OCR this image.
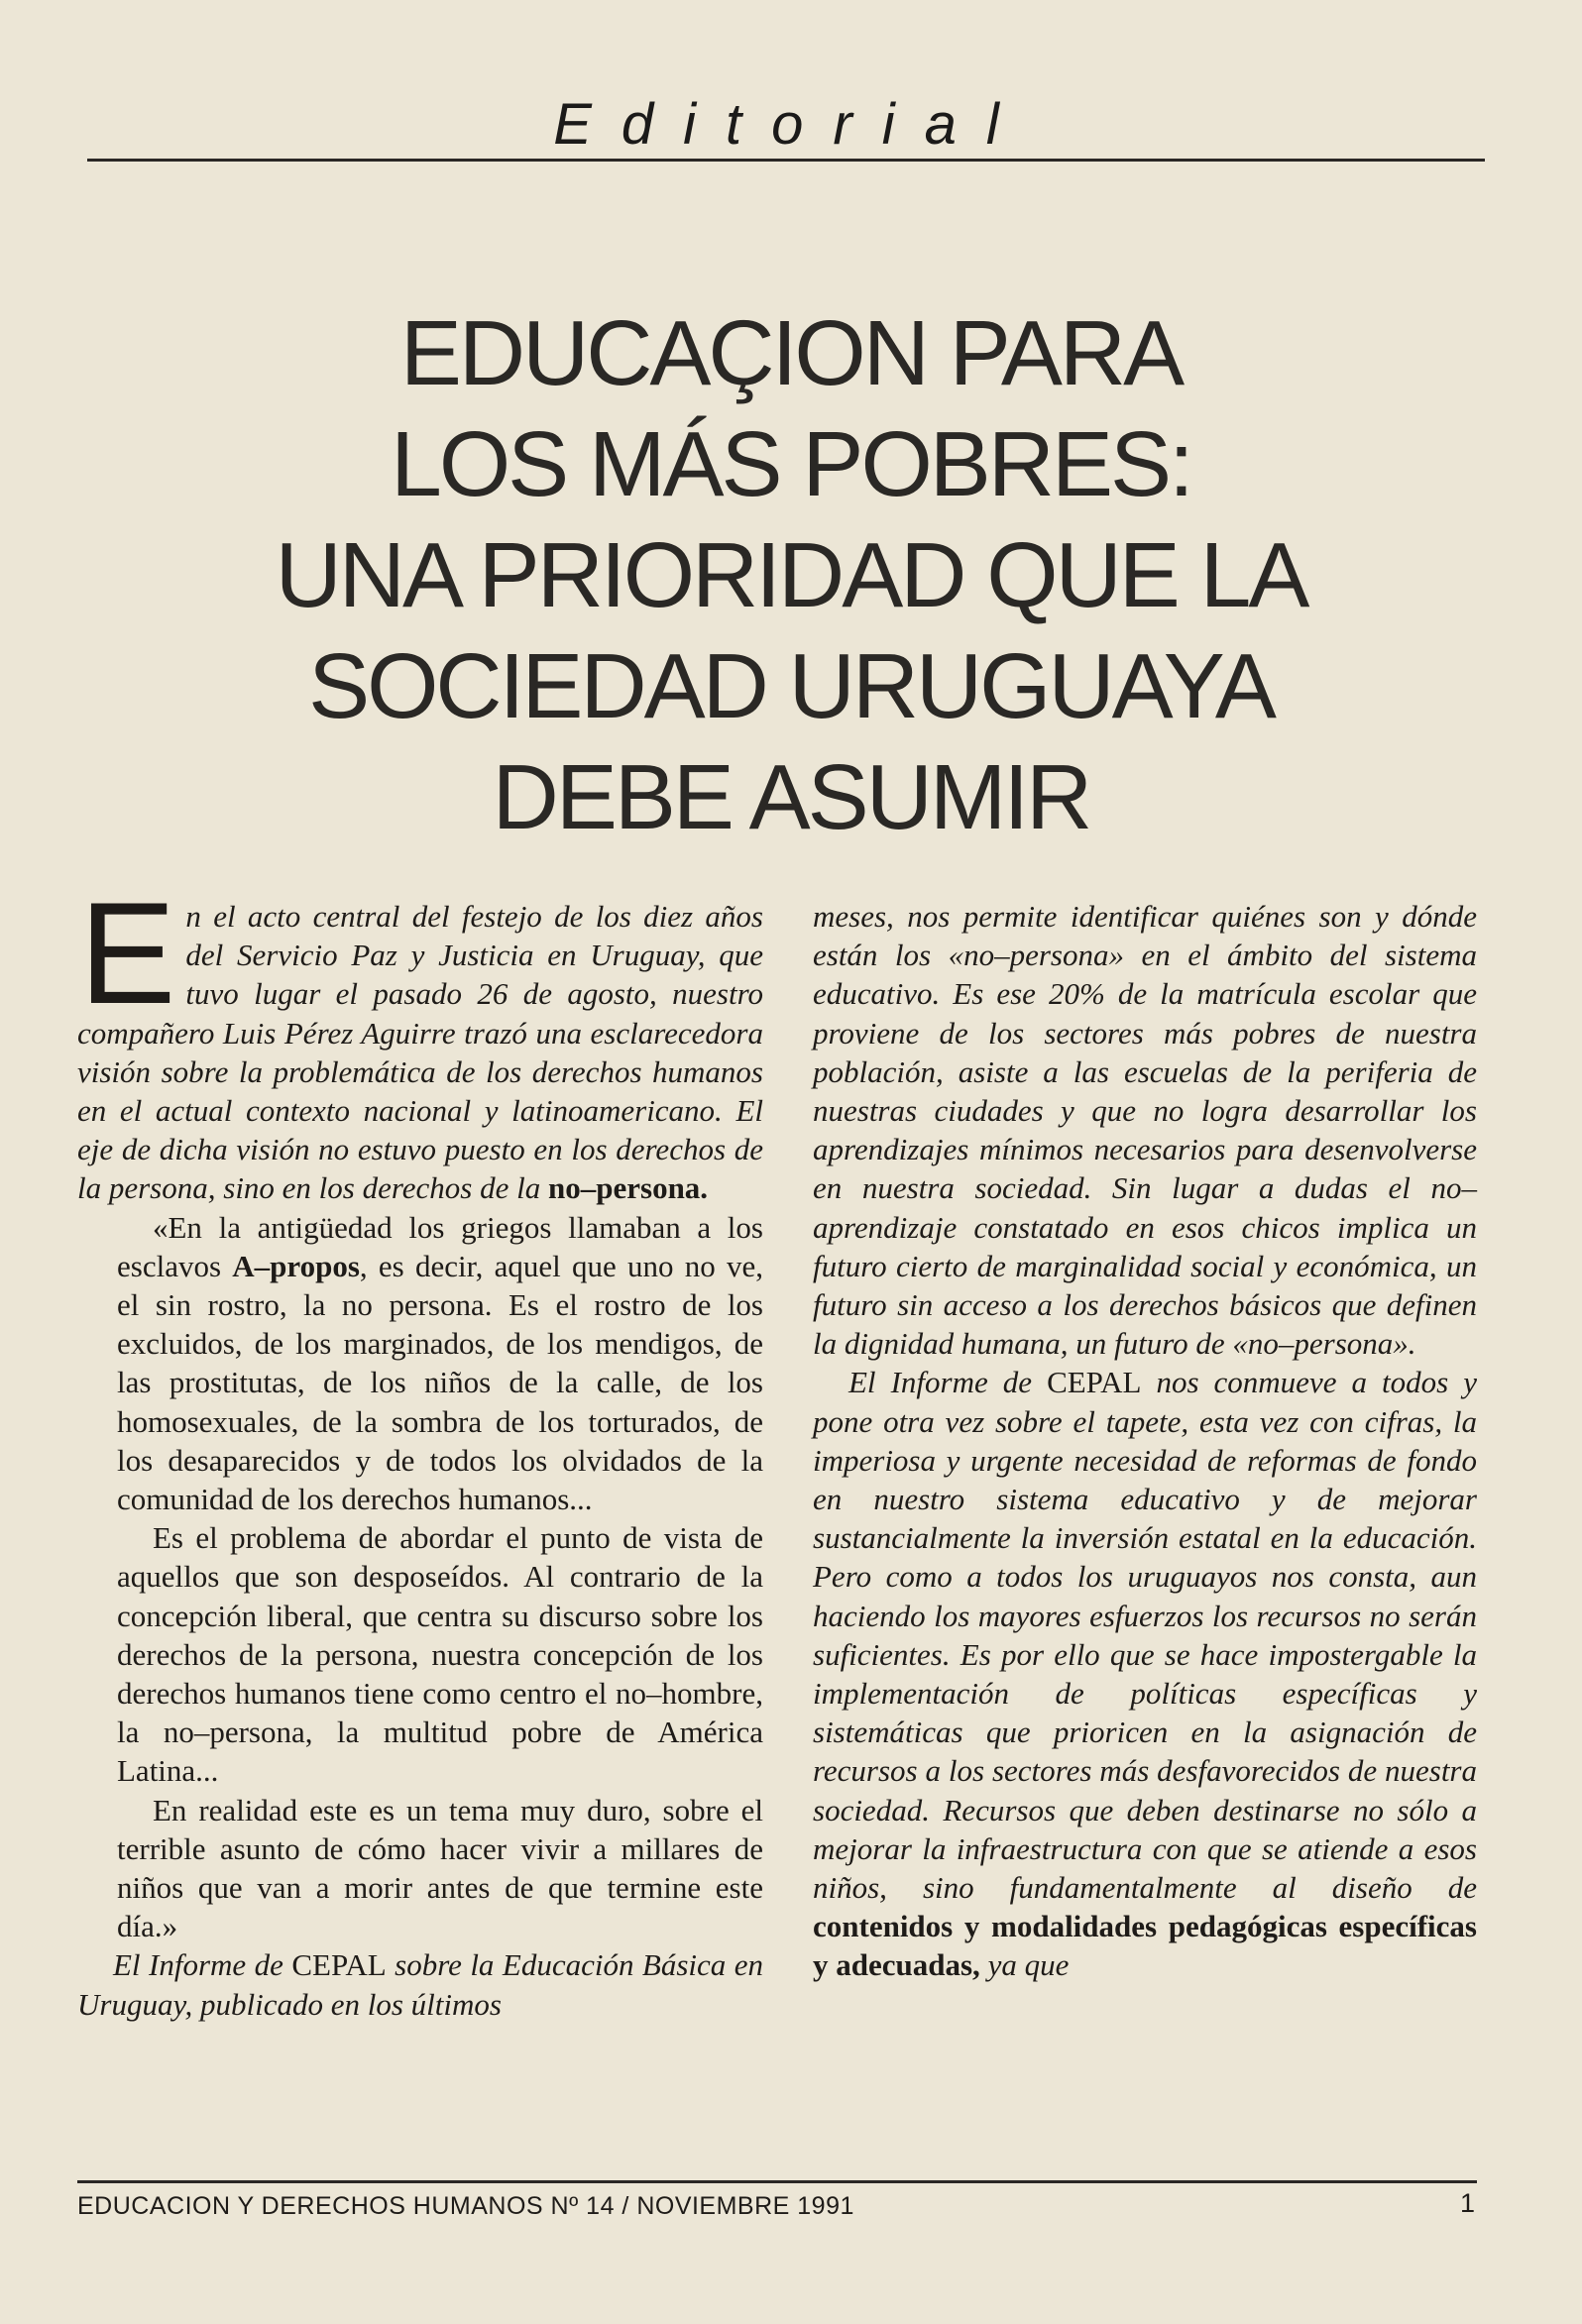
Editorial
EDUCAÇION PARA
LOS MÁS POBRES:
UNA PRIORIDAD QUE LA
SOCIEDAD URUGUAYA
DEBE ASUMIR

En el acto central del festejo de los diez años del Servicio Paz y Justicia en Uruguay, que tuvo lugar el pasado 26 de agosto, nuestro compañero Luis Pérez Aguirre trazó una esclarecedora visión sobre la problemática de los derechos humanos en el actual contexto nacional y latinoamericano. El eje de dicha visión no estuvo puesto en los derechos de la persona, sino en los derechos de la no–persona.

«En la antigüedad los griegos llamaban a los esclavos A–propos, es decir, aquel que uno no ve, el sin rostro, la no persona. Es el rostro de los excluidos, de los marginados, de los mendigos, de las prostitutas, de los niños de la calle, de los homosexuales, de la sombra de los torturados, de los desaparecidos y de todos los olvidados de la comunidad de los derechos humanos...

Es el problema de abordar el punto de vista de aquellos que son desposeídos. Al contrario de la concepción liberal, que centra su discurso sobre los derechos de la persona, nuestra concepción de los derechos humanos tiene como centro el no–hombre, la no–persona, la multitud pobre de América Latina...

En realidad este es un tema muy duro, sobre el terrible asunto de cómo hacer vivir a millares de niños que van a morir antes de que termine este día.»

El Informe de CEPAL sobre la Educación Básica en Uruguay, publicado en los últimos

meses, nos permite identificar quiénes son y dónde están los «no–persona» en el ámbito del sistema educativo. Es ese 20% de la matrícula escolar que proviene de los sectores más pobres de nuestra población, asiste a las escuelas de la periferia de nuestras ciudades y que no logra desarrollar los aprendizajes mínimos necesarios para desenvolverse en nuestra sociedad. Sin lugar a dudas el no–aprendizaje constatado en esos chicos implica un futuro cierto de marginalidad social y económica, un futuro sin acceso a los derechos básicos que definen la dignidad humana, un futuro de «no–persona».

El Informe de CEPAL nos conmueve a todos y pone otra vez sobre el tapete, esta vez con cifras, la imperiosa y urgente necesidad de reformas de fondo en nuestro sistema educativo y de mejorar sustancialmente la inversión estatal en la educación. Pero como a todos los uruguayos nos consta, aun haciendo los mayores esfuerzos los recursos no serán suficientes. Es por ello que se hace impostergable la implementación de políticas específicas y sistemáticas que prioricen en la asignación de recursos a los sectores más desfavorecidos de nuestra sociedad. Recursos que deben destinarse no sólo a mejorar la infraestructura con que se atiende a esos niños, sino fundamentalmente al diseño de contenidos y modalidades pedagógicas específicas y adecuadas, ya que

EDUCACION Y DERECHOS HUMANOS Nº 14 / NOVIEMBRE 1991	1
